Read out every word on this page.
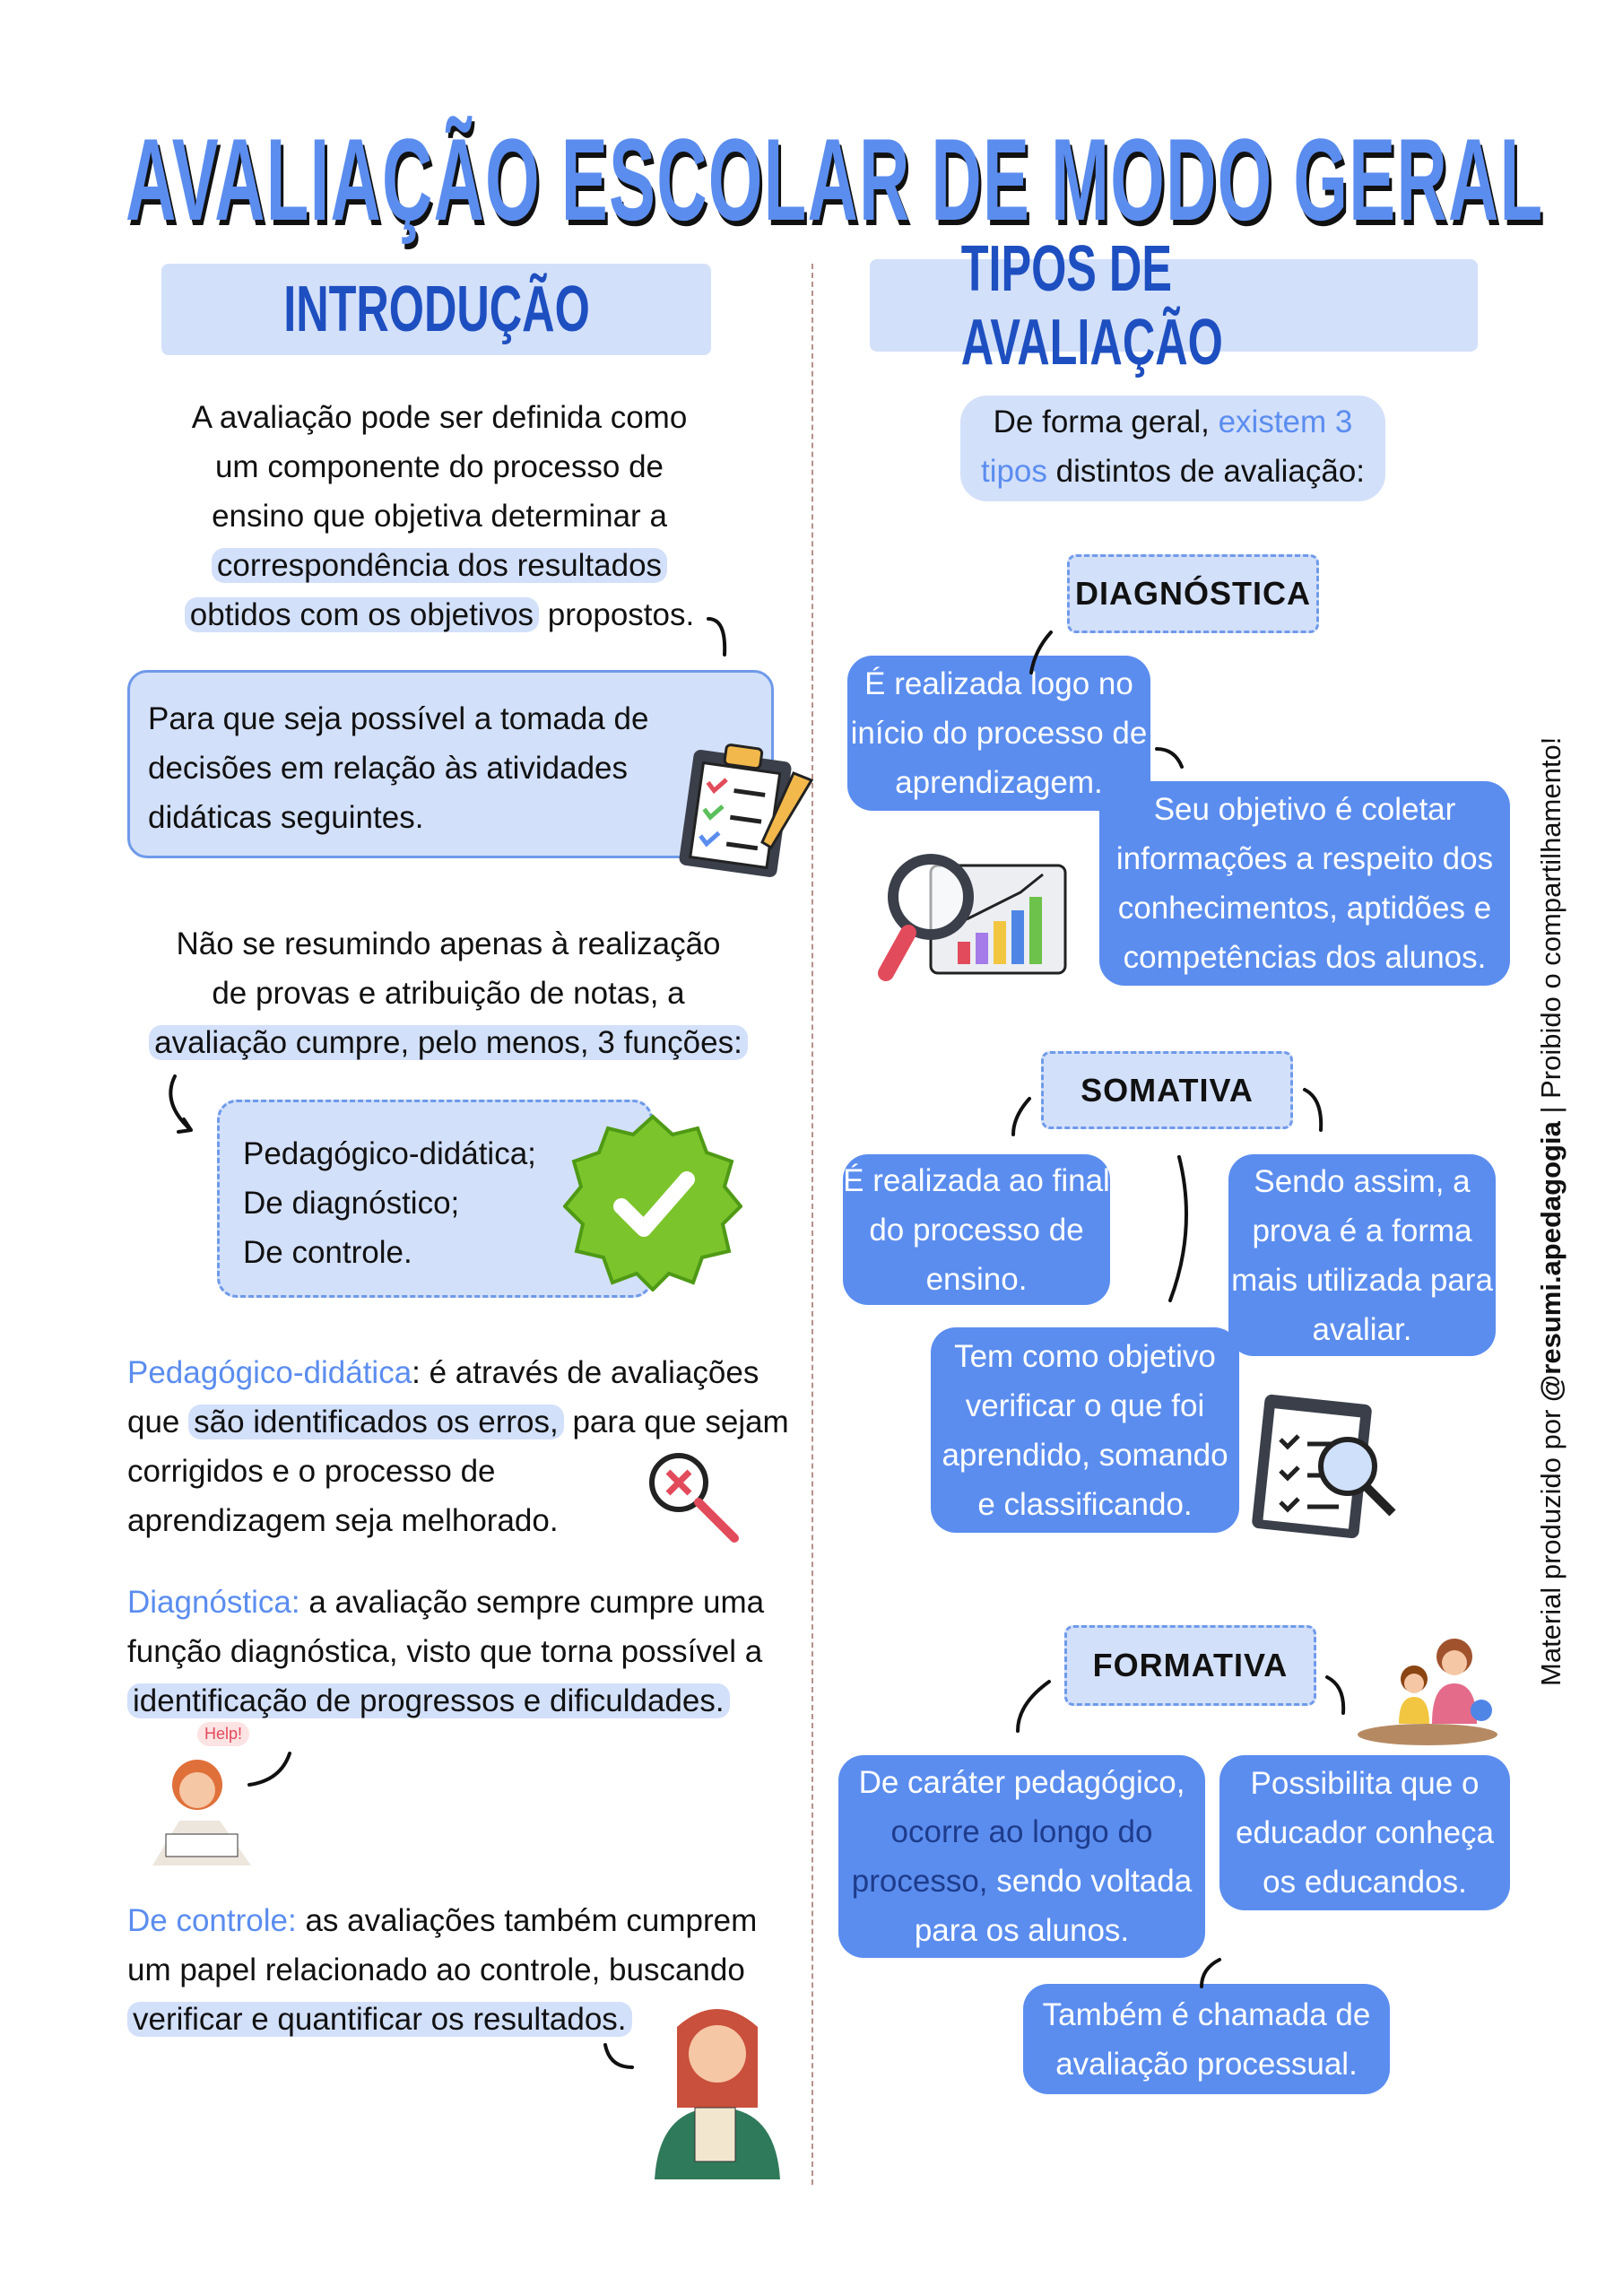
AVALIAÇÃO ESCOLAR DE MODO GERAL
INTRODUÇÃO
A avaliação pode ser definida como
um componente do processo de
ensino que objetiva determinar a
correspondência dos resultados
obtidos com os objetivos propostos.
Para que seja possível a tomada de decisões em relação às atividades didáticas seguintes.
Não se resumindo apenas à realização
de provas e atribuição de notas, a
avaliação cumpre, pelo menos, 3 funções:
Pedagógico-didática;
De diagnóstico;
De controle.
Pedagógico-didática: é através de avaliações que são identificados os erros, para que sejam corrigidos e o processo de aprendizagem seja melhorado.
Diagnóstica: a avaliação sempre cumpre uma função diagnóstica, visto que torna possível a identificação de progressos e dificuldades.
Help!
De controle: as avaliações também cumprem um papel relacionado ao controle, buscando verificar e quantificar os resultados.
TIPOS DE AVALIAÇÃO
De forma geral, existem 3 tipos distintos de avaliação:
DIAGNÓSTICA
É realizada logo no início do processo de aprendizagem.
Seu objetivo é coletar informações a respeito dos conhecimentos, aptidões e competências dos alunos.
SOMATIVA
É realizada ao final do processo de ensino.
Sendo assim, a prova é a forma mais utilizada para avaliar.
Tem como objetivo verificar o que foi aprendido, somando e classificando.
FORMATIVA
De caráter pedagógico, ocorre ao longo do processo, sendo voltada para os alunos.
Possibilita que o educador conheça os educandos.
Também é chamada de avaliação processual.
Material produzido por @resumi.apedagogia | Proibido o compartilhamento!
